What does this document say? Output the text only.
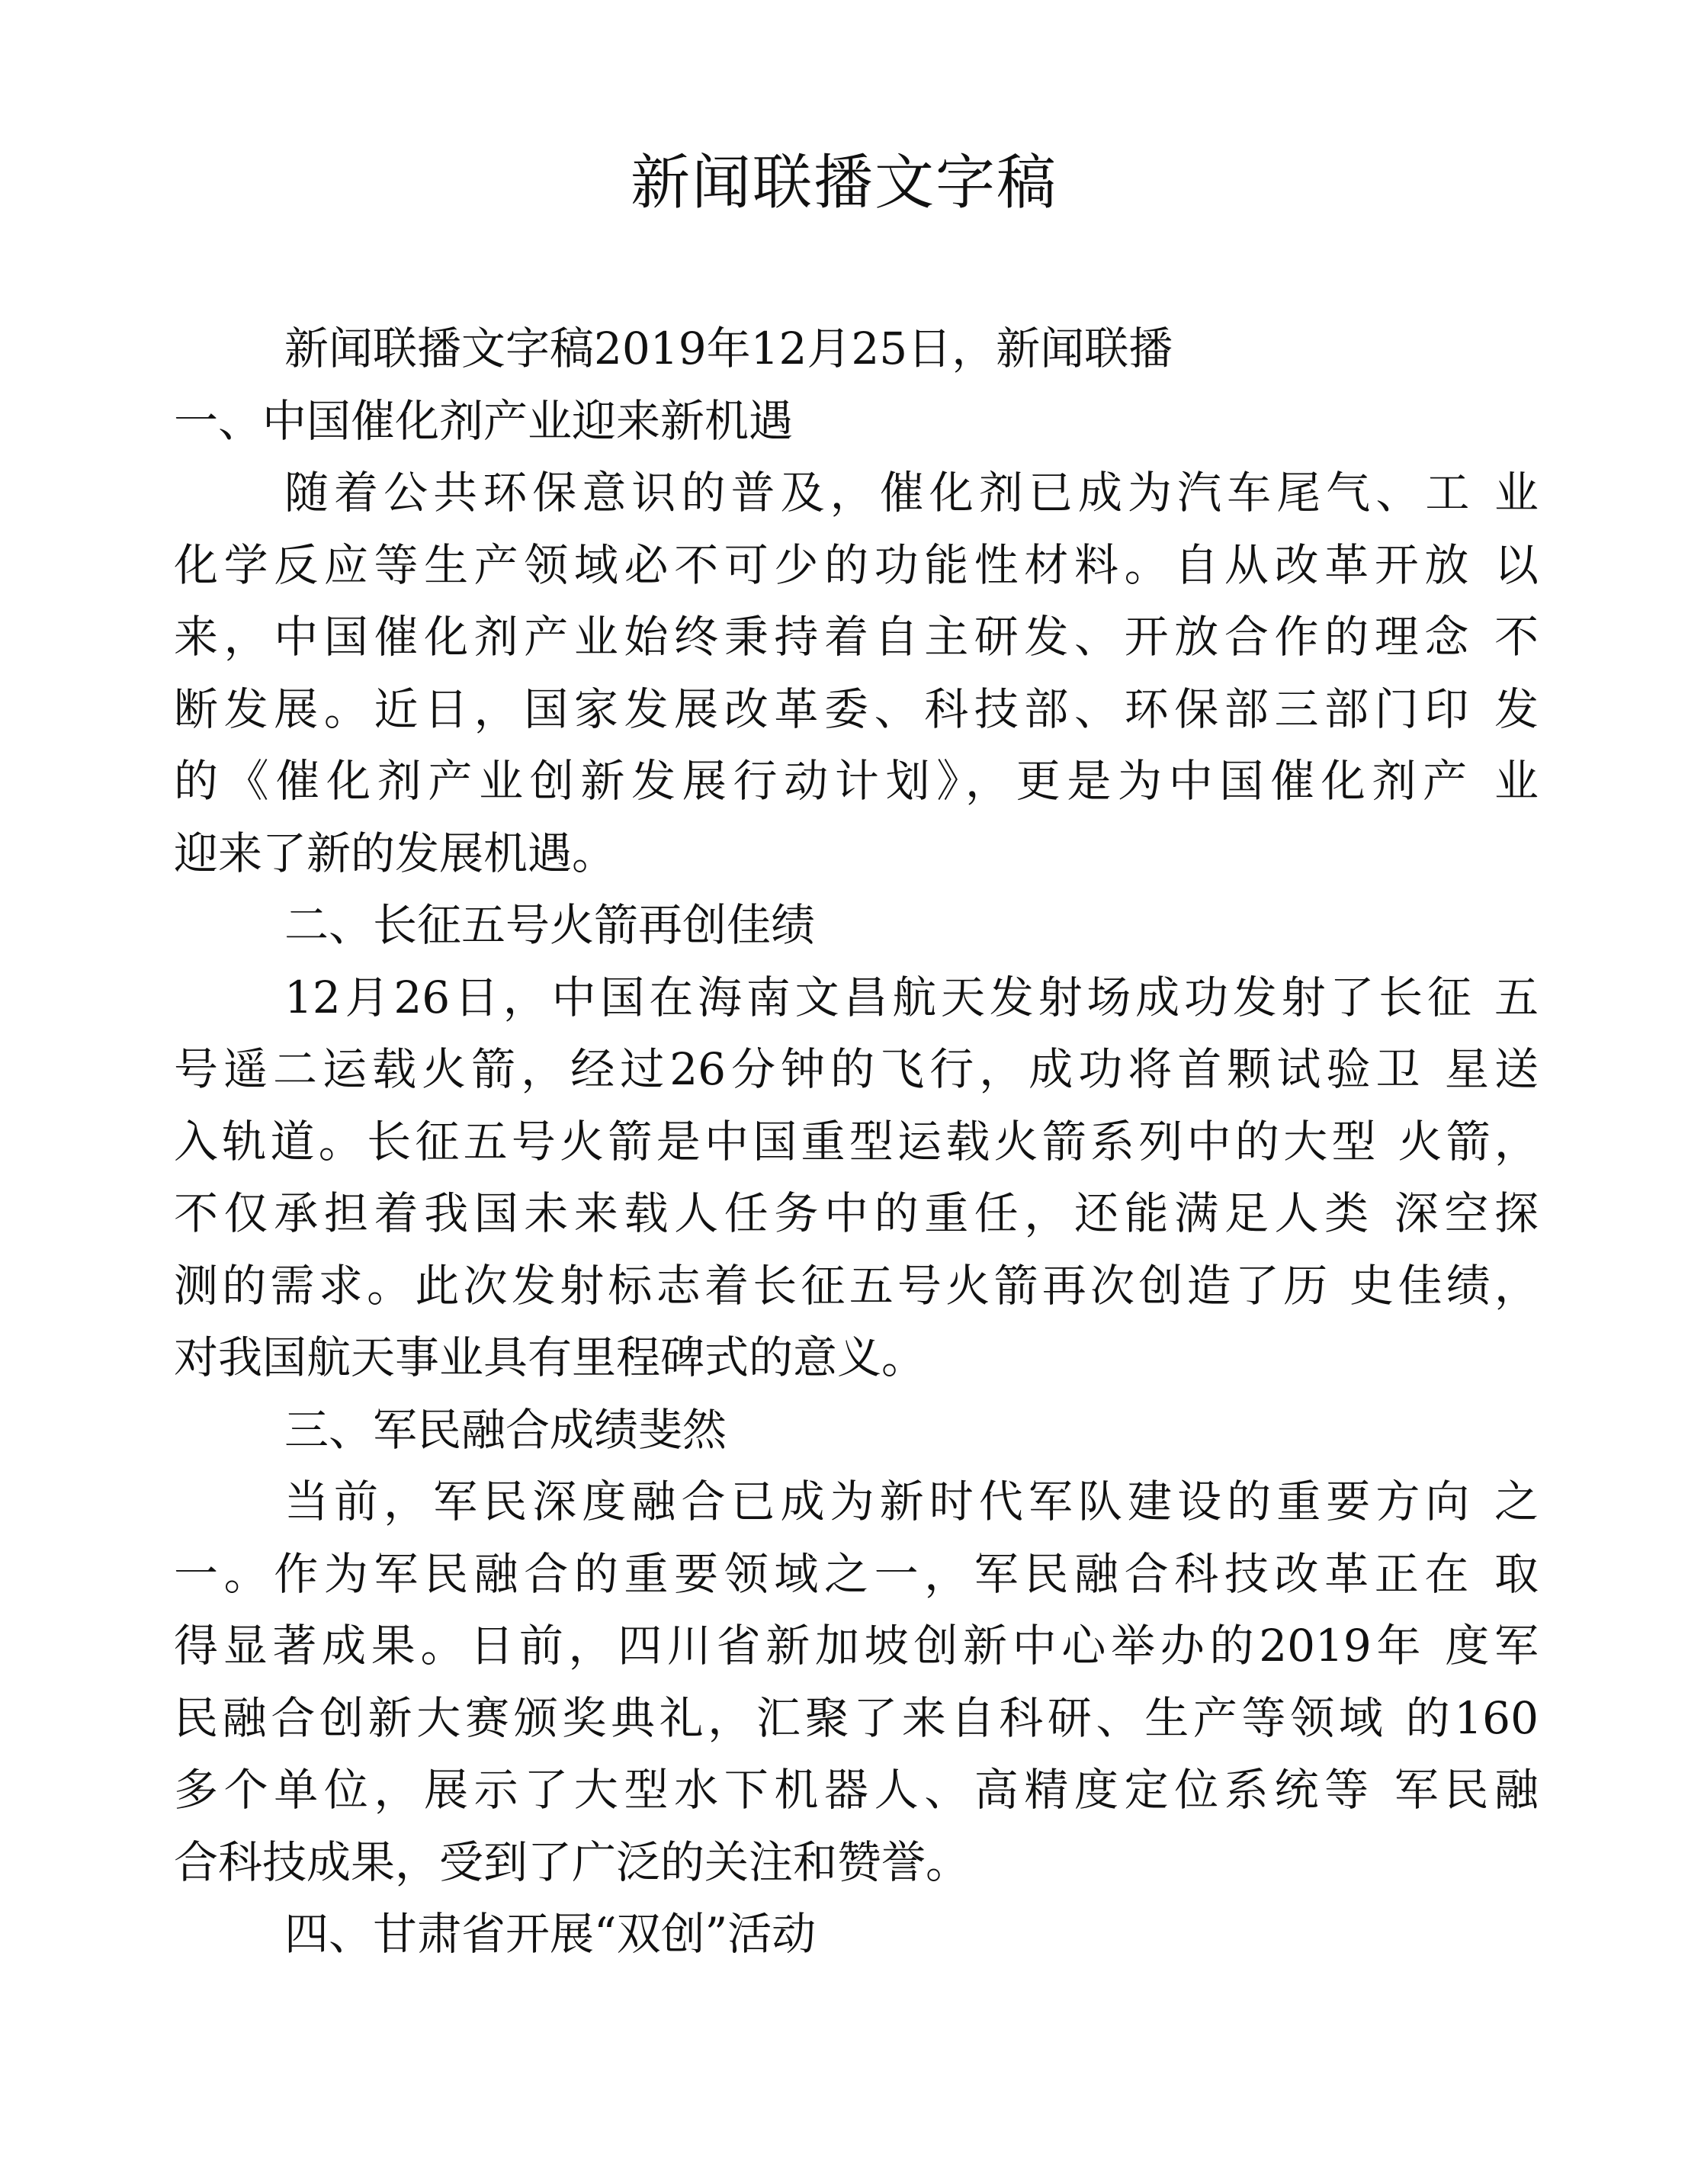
新闻联播文字稿

新闻联播文字稿2019年12月25日，新闻联播

一、中国催化剂产业迎来新机遇

随着公共环保意识的普及，催化剂已成为汽车尾气、工 业

化学反应等生产领域必不可少的功能性材料。自从改革开放 以

来，中国催化剂产业始终秉持着自主研发、开放合作的理念 不

断发展。近日，国家发展改革委、科技部、环保部三部门印 发

的《催化剂产业创新发展行动计划》，更是为中国催化剂产 业

迎来了新的发展机遇。

二、长征五号火箭再创佳绩

12月26日，中国在海南文昌航天发射场成功发射了长征 五

号遥二运载火箭，经过26分钟的飞行，成功将首颗试验卫 星送

入轨道。长征五号火箭是中国重型运载火箭系列中的大型 火箭，

不仅承担着我国未来载人任务中的重任，还能满足人类 深空探

测的需求。此次发射标志着长征五号火箭再次创造了历 史佳绩，

对我国航天事业具有里程碑式的意义。

三、军民融合成绩斐然

当前，军民深度融合已成为新时代军队建设的重要方向 之

一。作为军民融合的重要领域之一，军民融合科技改革正在 取

得显著成果。日前，四川省新加坡创新中心举办的2019年 度军

民融合创新大赛颁奖典礼，汇聚了来自科研、生产等领域 的160

多个单位，展示了大型水下机器人、高精度定位系统等 军民融

合科技成果，受到了广泛的关注和赞誉。

四、甘肃省开展“双创”活动
